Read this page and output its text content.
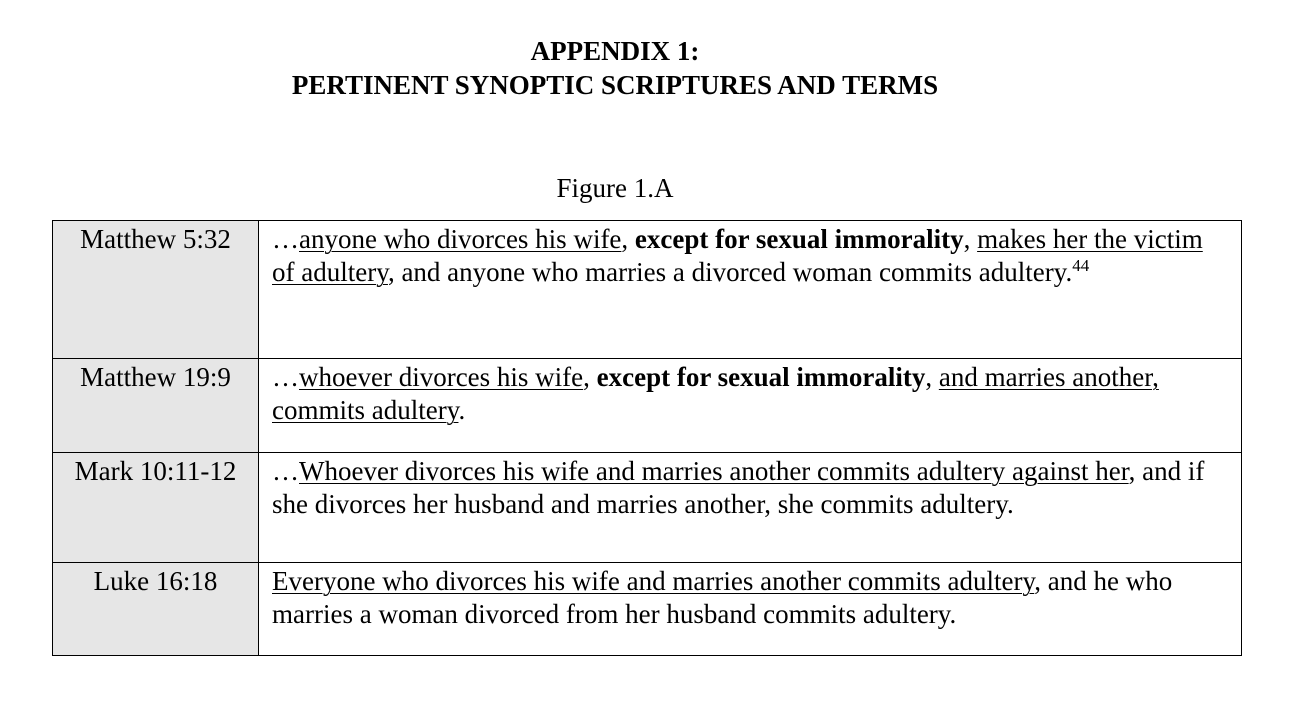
APPENDIX 1:
PERTINENT SYNOPTIC SCRIPTURES AND TERMS
Figure 1.A
Matthew 5:32	…anyone who divorces his wife, except for sexual immorality, makes her the victim of adultery, and anyone who marries a divorced woman commits adultery.$^{44}$
Matthew 19:9	…whoever divorces his wife, except for sexual immorality, and marries another, commits adultery.
Mark 10:11-12	…Whoever divorces his wife and marries another commits adultery against her, and if she divorces her husband and marries another, she commits adultery.
Luke 16:18	Everyone who divorces his wife and marries another commits adultery, and he who marries a woman divorced from her husband commits adultery.
